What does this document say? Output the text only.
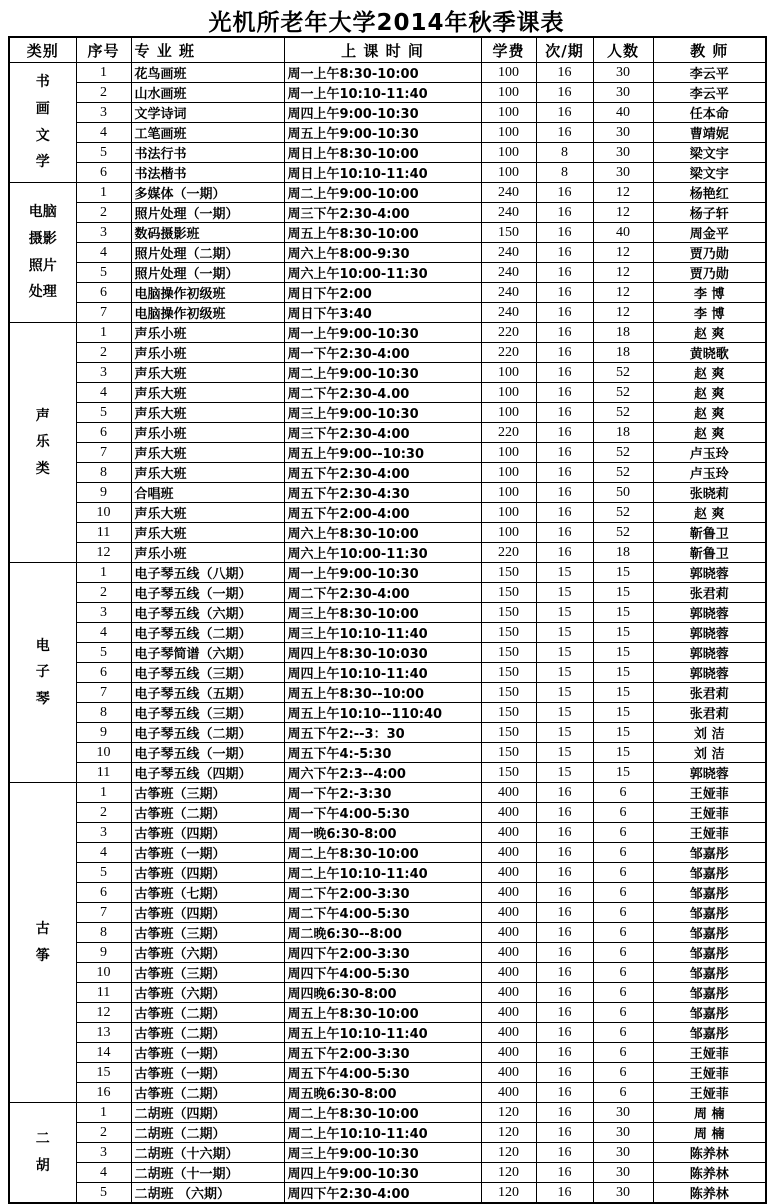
光机所老年大学2014年秋季课表
类别	序号	专 业 班	上 课 时 间	学费	次/期	人数	教 师

书
画
文
学	1	花鸟画班	周一上午8:30-10:00	100	16	30	李云平
	2	山水画班	周一上午10:10-11:40	100	16	30	李云平
	3	文学诗词	周四上午9:00-10:30	100	16	40	任本命
	4	工笔画班	周五上午9:00-10:30	100	16	30	曹靖妮
	5	书法行书	周日上午8:30-10:00	100	8	30	梁文宇
	6	书法楷书	周日上午10:10-11:40	100	8	30	梁文宇

电脑
摄影
照片
处理	1	多媒体（一期）	周二上午9:00-10:00	240	16	12	杨艳红
	2	照片处理（一期）	周三下午2:30-4:00	240	16	12	杨子轩
	3	数码摄影班	周五上午8:30-10:00	150	16	40	周金平
	4	照片处理（二期）	周六上午8:00-9:30	240	16	12	贾乃勋
	5	照片处理（一期）	周六上午10:00-11:30	240	16	12	贾乃勋
	6	电脑操作初级班	周日下午2:00	240	16	12	李 博
	7	电脑操作初级班	周日下午3:40	240	16	12	李 博

声
乐
类	1	声乐小班	周一上午9:00-10:30	220	16	18	赵 爽
	2	声乐小班	周一下午2:30-4:00	220	16	18	黄晓歌
	3	声乐大班	周二上午9:00-10:30	100	16	52	赵 爽
	4	声乐大班	周二下午2:30-4.00	100	16	52	赵 爽
	5	声乐大班	周三上午9:00-10:30	100	16	52	赵 爽
	6	声乐小班	周三下午2:30-4:00	220	16	18	赵 爽
	7	声乐大班	周五上午9:00--10:30	100	16	52	卢玉玲
	8	声乐大班	周五下午2:30-4:00	100	16	52	卢玉玲
	9	合唱班	周五下午2:30-4:30	100	16	50	张晓莉
	10	声乐大班	周五下午2:00-4:00	100	16	52	赵 爽
	11	声乐大班	周六上午8:30-10:00	100	16	52	靳鲁卫
	12	声乐小班	周六上午10:00-11:30	220	16	18	靳鲁卫

电
子
琴	1	电子琴五线（八期）	周一上午9:00-10:30	150	15	15	郭晓蓉
	2	电子琴五线（一期）	周二下午2:30-4:00	150	15	15	张君莉
	3	电子琴五线（六期）	周三上午8:30-10:00	150	15	15	郭晓蓉
	4	电子琴五线（二期）	周三上午10:10-11:40	150	15	15	郭晓蓉
	5	电子琴简谱（六期）	周四上午8:30-10:030	150	15	15	郭晓蓉
	6	电子琴五线（三期）	周四上午10:10-11:40	150	15	15	郭晓蓉
	7	电子琴五线（五期）	周五上午8:30--10:00	150	15	15	张君莉
	8	电子琴五线（三期）	周五上午10:10--110:40	150	15	15	张君莉
	9	电子琴五线（二期）	周五下午2:--3：30	150	15	15	刘 洁
	10	电子琴五线（一期）	周五下午4:-5:30	150	15	15	刘 洁
	11	电子琴五线（四期）	周六下午2:3--4:00	150	15	15	郭晓蓉

古
筝	1	古筝班（三期）	周一下午2:-3:30	400	16	6	王娅菲
	2	古筝班（二期）	周一下午4:00-5:30	400	16	6	王娅菲
	3	古筝班（四期）	周一晚6:30-8:00	400	16	6	王娅菲
	4	古筝班（一期）	周二上午8:30-10:00	400	16	6	邹嘉彤
	5	古筝班（四期）	周二上午10:10-11:40	400	16	6	邹嘉彤
	6	古筝班（七期）	周二下午2:00-3:30	400	16	6	邹嘉彤
	7	古筝班（四期）	周二下午4:00-5:30	400	16	6	邹嘉彤
	8	古筝班（三期）	周二晚6:30--8:00	400	16	6	邹嘉彤
	9	古筝班（六期）	周四下午2:00-3:30	400	16	6	邹嘉彤
	10	古筝班（三期）	周四下午4:00-5:30	400	16	6	邹嘉彤
	11	古筝班（六期）	周四晚6:30-8:00	400	16	6	邹嘉彤
	12	古筝班（二期）	周五上午8:30-10:00	400	16	6	邹嘉彤
	13	古筝班（二期）	周五上午10:10-11:40	400	16	6	邹嘉彤
	14	古筝班（一期）	周五下午2:00-3:30	400	16	6	王娅菲
	15	古筝班（一期）	周五下午4:00-5:30	400	16	6	王娅菲
	16	古筝班（二期）	周五晚6:30-8:00	400	16	6	王娅菲

二
胡	1	二胡班（四期）	周二上午8:30-10:00	120	16	30	周 楠
	2	二胡班（二期）	周二上午10:10-11:40	120	16	30	周 楠
	3	二胡班（十六期）	周三上午9:00-10:30	120	16	30	陈养林
	4	二胡班（十一期）	周四上午9:00-10:30	120	16	30	陈养林
	5	二胡班 （六期）	周四下午2:30-4:00	120	16	30	陈养林
